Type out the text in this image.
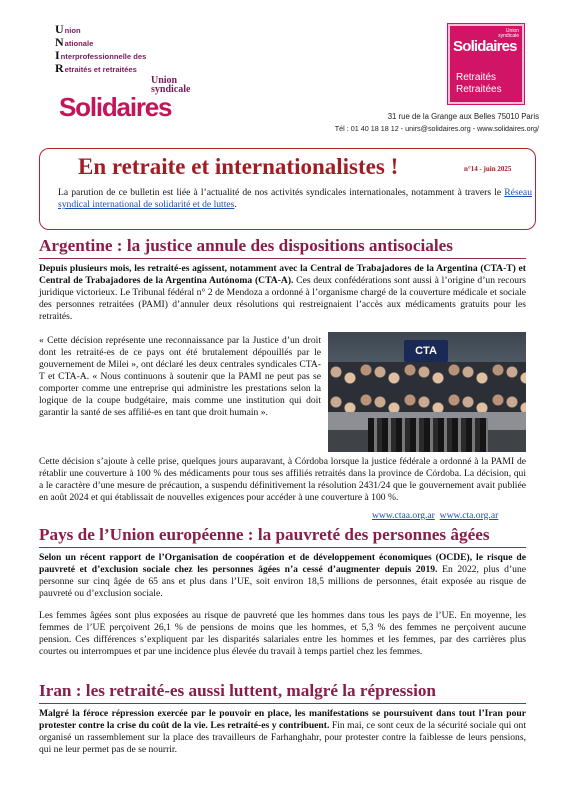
Union
Nationale
Interprofessionnelle des
Retraités et retraitées
Union
syndicale
Solidaires
Union
syndicale
Solidaires
Retraités
Retraitées
31 rue de la Grange aux Belles 75010 Paris
Tél : 01 40 18 18 12 - unirs@solidaires.org - www.solidaires.org/
En retraite et internationalistes !	n°14 - juin 2025
La parution de ce bulletin est liée à l’actualité de nos activités syndicales internationales, notamment à travers le Réseau syndical international de solidarité et de luttes.
Argentine : la justice annule des dispositions antisociales
Depuis plusieurs mois, les retraité-es agissent, notamment avec la Central de Trabajadores de la Argentina (CTA-T) et Central de Trabajadores de la Argentina Autónoma (CTA-A). Ces deux confédérations sont aussi à l’origine d’un recours juridique victorieux. Le Tribunal fédéral n° 2 de Mendoza a ordonné à l’organisme chargé de la couverture médicale et sociale des personnes retraitées (PAMI) d’annuler deux résolutions qui restreignaient l’accès aux médicaments gratuits pour les retraités.
« Cette décision représente une reconnaissance par la Justice d’un droit dont les retraité-es de ce pays ont été brutalement dépouillés par le gouvernement de Milei », ont déclaré les deux centrales syndicales CTA-T et CTA-A. « Nous continuons à soutenir que la PAMI ne peut pas se comporter comme une entreprise qui administre les prestations selon la logique de la coupe budgétaire, mais comme une institution qui doit garantir la santé de ses affilié-es en tant que droit humain ».
CTA
Cette décision s’ajoute à celle prise, quelques jours auparavant, à Córdoba lorsque la justice fédérale a ordonné à la PAMI de rétablir une couverture à 100 % des médicaments pour tous ses affiliés retraités dans la province de Córdoba. La décision, qui a le caractère d’une mesure de précaution, a suspendu définitivement la résolution 2431/24 que le gouvernement avait publiée en août 2024 et qui établissait de nouvelles exigences pour accéder à une couverture à 100 %.
www.ctaa.org.ar www.cta.org.ar
Pays de l’Union européenne : la pauvreté des personnes âgées
Selon un récent rapport de l’Organisation de coopération et de développement économiques (OCDE), le risque de pauvreté et d’exclusion sociale chez les personnes âgées n’a cessé d’augmenter depuis 2019. En 2022, plus d’une personne sur cinq âgée de 65 ans et plus dans l’UE, soit environ 18,5 millions de personnes, était exposée au risque de pauvreté ou d’exclusion sociale.
Les femmes âgées sont plus exposées au risque de pauvreté que les hommes dans tous les pays de l’UE. En moyenne, les femmes de l’UE perçoivent 26,1 % de pensions de moins que les hommes, et 5,3 % des femmes ne perçoivent aucune pension. Ces différences s’expliquent par les disparités salariales entre les hommes et les femmes, par des carrières plus courtes ou interrompues et par une incidence plus élevée du travail à temps partiel chez les femmes.
Iran : les retraité-es aussi luttent, malgré la répression
Malgré la féroce répression exercée par le pouvoir en place, les manifestations se poursuivent dans tout l’Iran pour protester contre la crise du coût de la vie. Les retraité-es y contribuent. Fin mai, ce sont ceux de la sécurité sociale qui ont organisé un rassemblement sur la place des travailleurs de Farhanghahr, pour protester contre la faiblesse de leurs pensions, qui ne leur permet pas de se nourrir.
